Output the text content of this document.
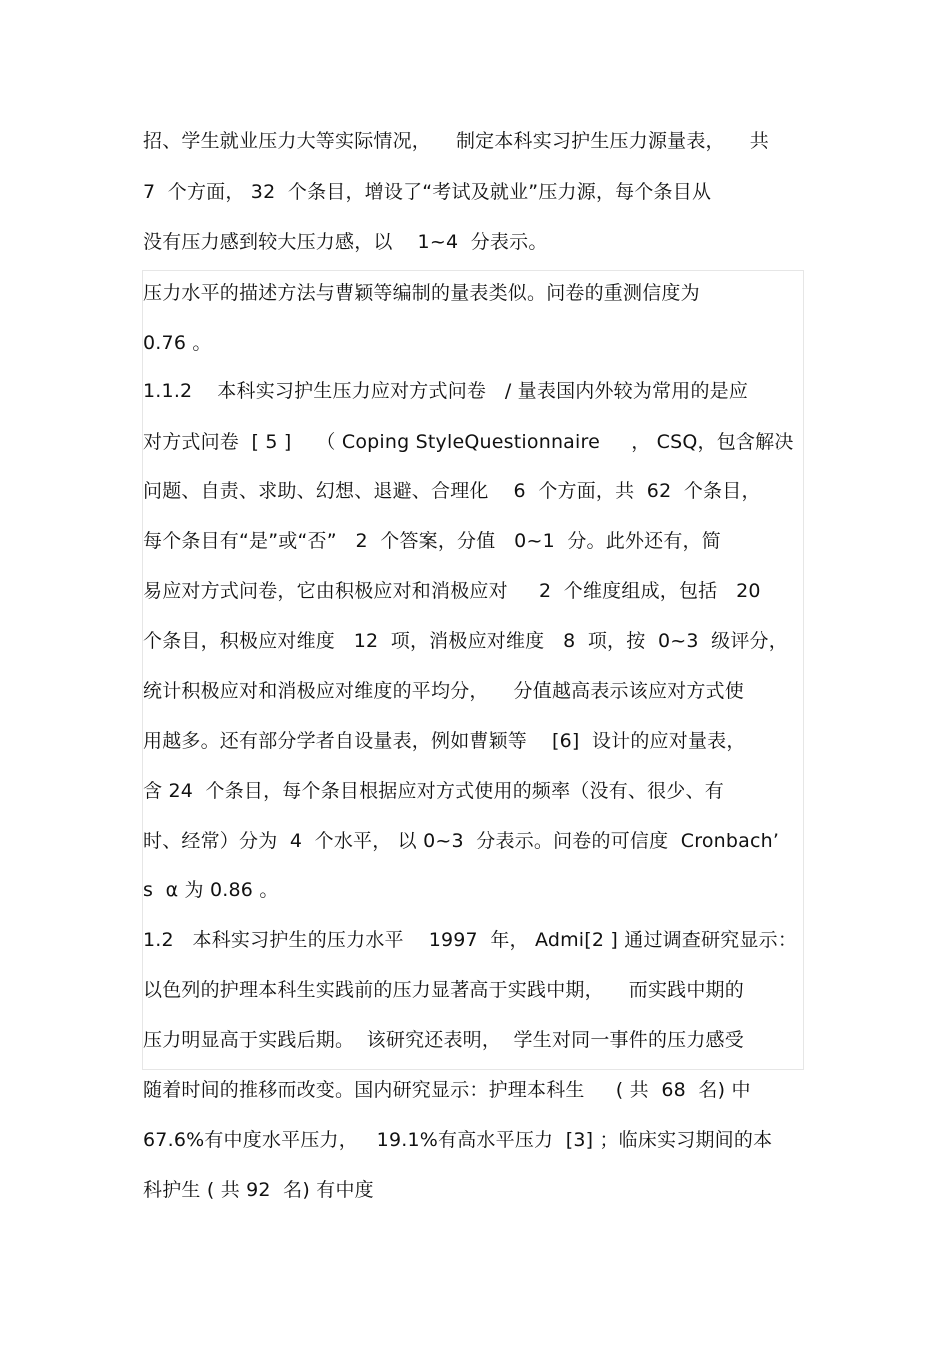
招、学生就业压力大等实际情况，    制定本科实习护生压力源量表，    共
7  个方面， 32  个条目，增设了“考试及就业”压力源，每个条目从
没有压力感到较大压力感，以    1~4  分表示。
压力水平的描述方法与曹颖等编制的量表类似。问卷的重测信度为
0.76 。
1.1.2    本科实习护生压力应对方式问卷   / 量表国内外较为常用的是应
对方式问卷  [ 5 ]    （ Coping StyleQuestionnaire     ， CSQ，包含解决
问题、自责、求助、幻想、退避、合理化    6  个方面，共  62  个条目，
每个条目有“是”或“否”   2  个答案，分值   0~1  分。此外还有，简
易应对方式问卷，它由积极应对和消极应对     2  个维度组成，包括   20
个条目，积极应对维度   12  项，消极应对维度   8  项，按  0~3  级评分，
统计积极应对和消极应对维度的平均分，    分值越高表示该应对方式使
用越多。还有部分学者自设量表，例如曹颖等    [6]  设计的应对量表，
含 24  个条目，每个条目根据应对方式使用的频率（没有、很少、有
时、经常）分为  4  个水平， 以 0~3  分表示。问卷的可信度  Cronbach’
s  α 为 0.86 。
1.2   本科实习护生的压力水平    1997  年， Admi[2 ] 通过调查研究显示：
以色列的护理本科生实践前的压力显著高于实践中期，    而实践中期的
压力明显高于实践后期。  该研究还表明，  学生对同一事件的压力感受
随着时间的推移而改变。国内研究显示：护理本科生     ( 共  68  名) 中
67.6%有中度水平压力，   19.1%有高水平压力  [3] ；临床实习期间的本
科护生 ( 共 92  名) 有中度
